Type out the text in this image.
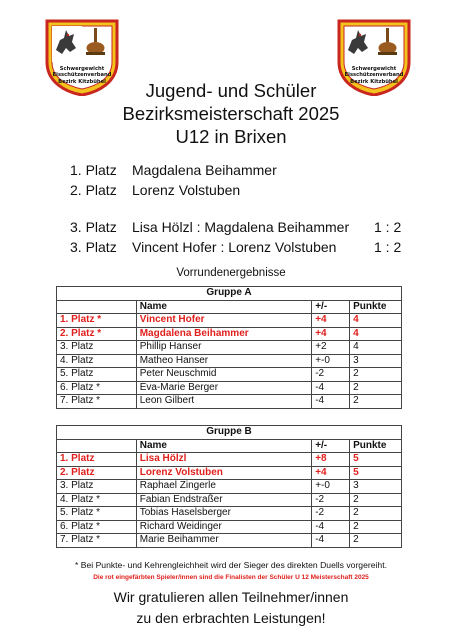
Schwergewicht
Eisschützenverband
Bezirk Kitzbühel
Schwergewicht
Eisschützenverband
Bezirk Kitzbühel
Jugend- und Schüler
Bezirksmeisterschaft 2025
U12 in Brixen
1. Platz Magdalena Beihammer
2. Platz Lorenz Volstuben
3. Platz Lisa Hölzl : Magdalena Beihammer 1 : 2
3. Platz Vincent Hofer : Lorenz Volstuben	1 : 2
Vorrundenergebnisse
Gruppe A			
	Name	+/-	Punkte
1. Platz *	Vincent Hofer	+4	4
2. Platz *	Magdalena Beihammer	+4	4
3. Platz	Phillip Hanser	+2	4
4. Platz	Matheo Hanser	+-0	3
5. Platz	Peter Neuschmid	-2	2
6. Platz *	Eva-Marie Berger	-4	2
7. Platz *	Leon Gilbert	-4	2
Gruppe B			
	Name	+/-	Punkte
1. Platz	Lisa Hölzl	+8	5
2. Platz	Lorenz Volstuben	+4	5
3. Platz	Raphael Zingerle	+-0	3
4. Platz *	Fabian Endstraßer	-2	2
5. Platz *	Tobias Haselsberger	-2	2
6. Platz *	Richard Weidinger	-4	2
7. Platz *	Marie Beihammer	-4	2
* Bei Punkte- und Kehrengleichheit wird der Sieger des direkten Duells vorgereiht.
Die rot eingefärbten Spieler/innen sind die Finalisten der Schüler U 12 Meisterschaft 2025
Wir gratulieren allen Teilnehmer/innen
zu den erbrachten Leistungen!
